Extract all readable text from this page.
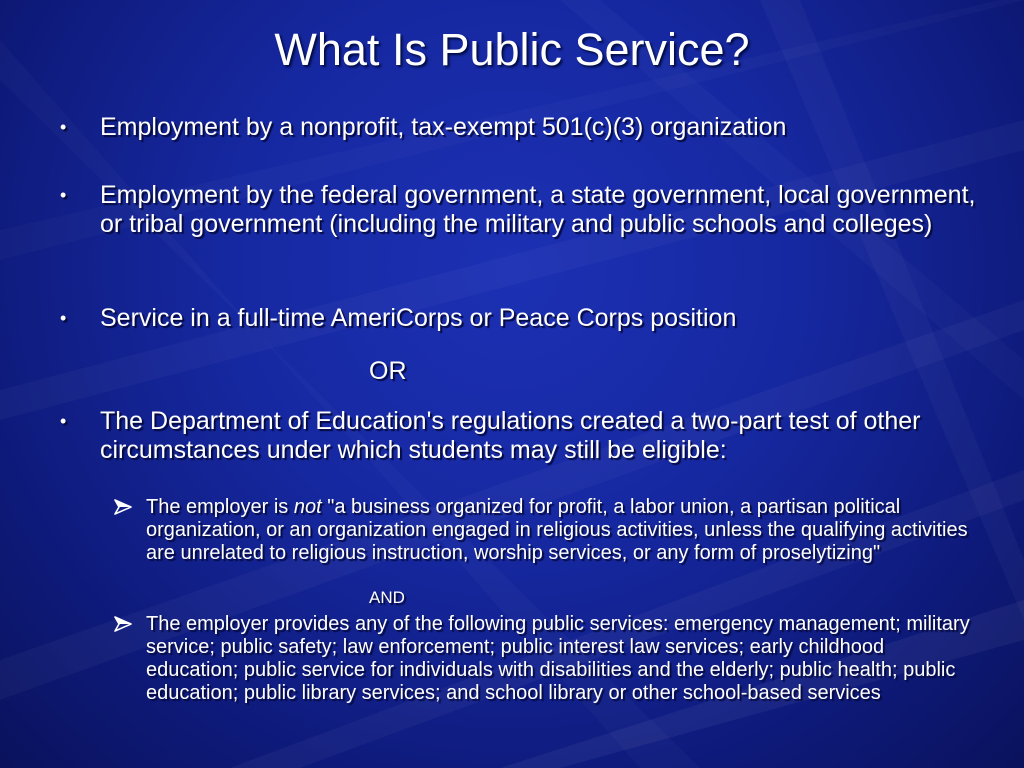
What Is Public Service?
• Employment by a nonprofit, tax-exempt 501(c)(3) organization
• Employment by the federal government, a state government, local government, or tribal government (including the military and public schools and colleges)
• Service in a full-time AmeriCorps or Peace Corps position
OR
• The Department of Education's regulations created a two-part test of other circumstances under which students may still be eligible:
The employer is not "a business organized for profit, a labor union, a partisan political organization, or an organization engaged in religious activities, unless the qualifying activities are unrelated to religious instruction, worship services, or any form of proselytizing"
AND
The employer provides any of the following public services: emergency management; military service; public safety; law enforcement; public interest law services; early childhood education; public service for individuals with disabilities and the elderly; public health; public education; public library services; and school library or other school-based services
